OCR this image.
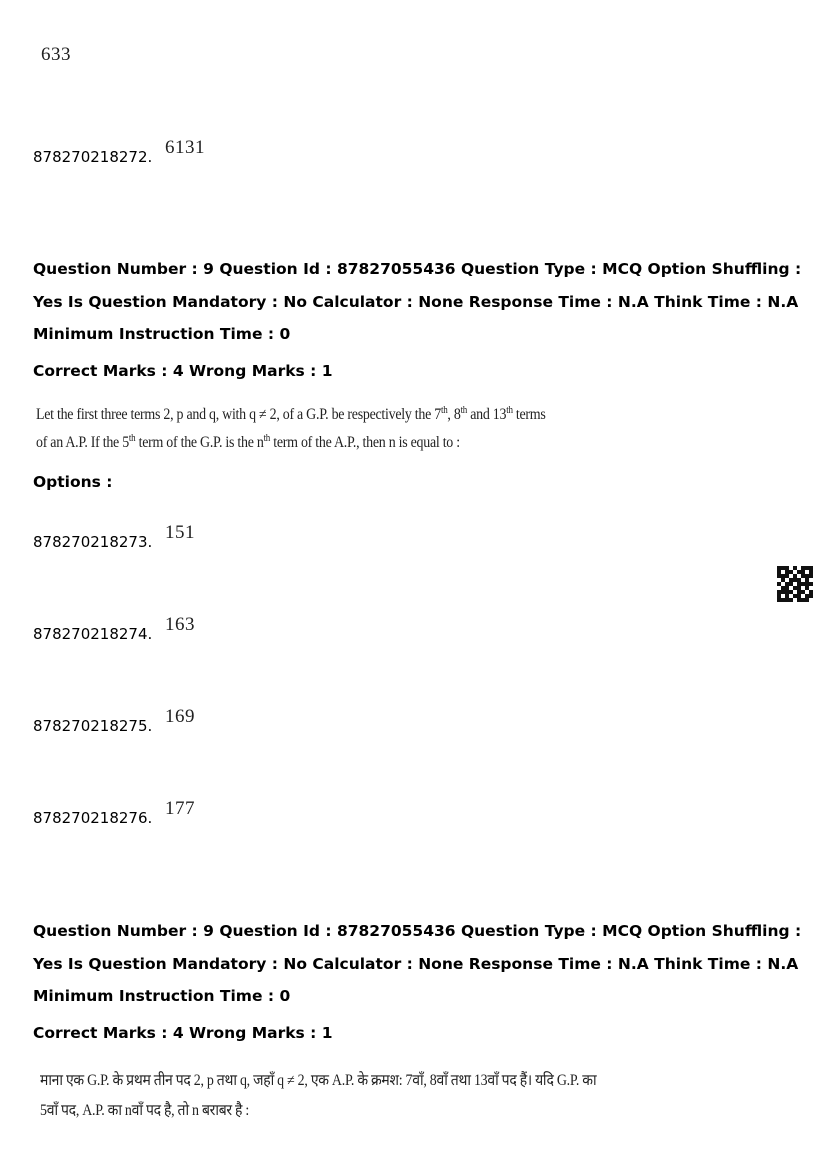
633
878270218272. 6131
Question Number : 9 Question Id : 87827055436 Question Type : MCQ Option Shuffling : Yes Is Question Mandatory : No Calculator : None Response Time : N.A Think Time : N.A Minimum Instruction Time : 0
Correct Marks : 4 Wrong Marks : 1
Let the first three terms 2, p and q, with q ≠ 2, of a G.P. be respectively the 7th, 8th and 13th terms
of an A.P. If the 5th term of the G.P. is the $n^{th}$ term of the A.P., then n is equal to :
Options :
878270218273. 151
878270218274. 163
878270218275. 169
878270218276. 177
Question Number : 9 Question Id : 87827055436 Question Type : MCQ Option Shuffling : Yes Is Question Mandatory : No Calculator : None Response Time : N.A Think Time : N.A Minimum Instruction Time : 0
Correct Marks : 4 Wrong Marks : 1
माना एक G.P. के प्रथम तीन पद 2, p तथा q, जहाँ q ≠ 2, एक A.P. के क्रमश: 7वाँ, 8वाँ तथा 13वाँ पद हैं। यदि G.P. का
5वाँ पद, A.P. का nवाँ पद है, तो n बराबर है :
